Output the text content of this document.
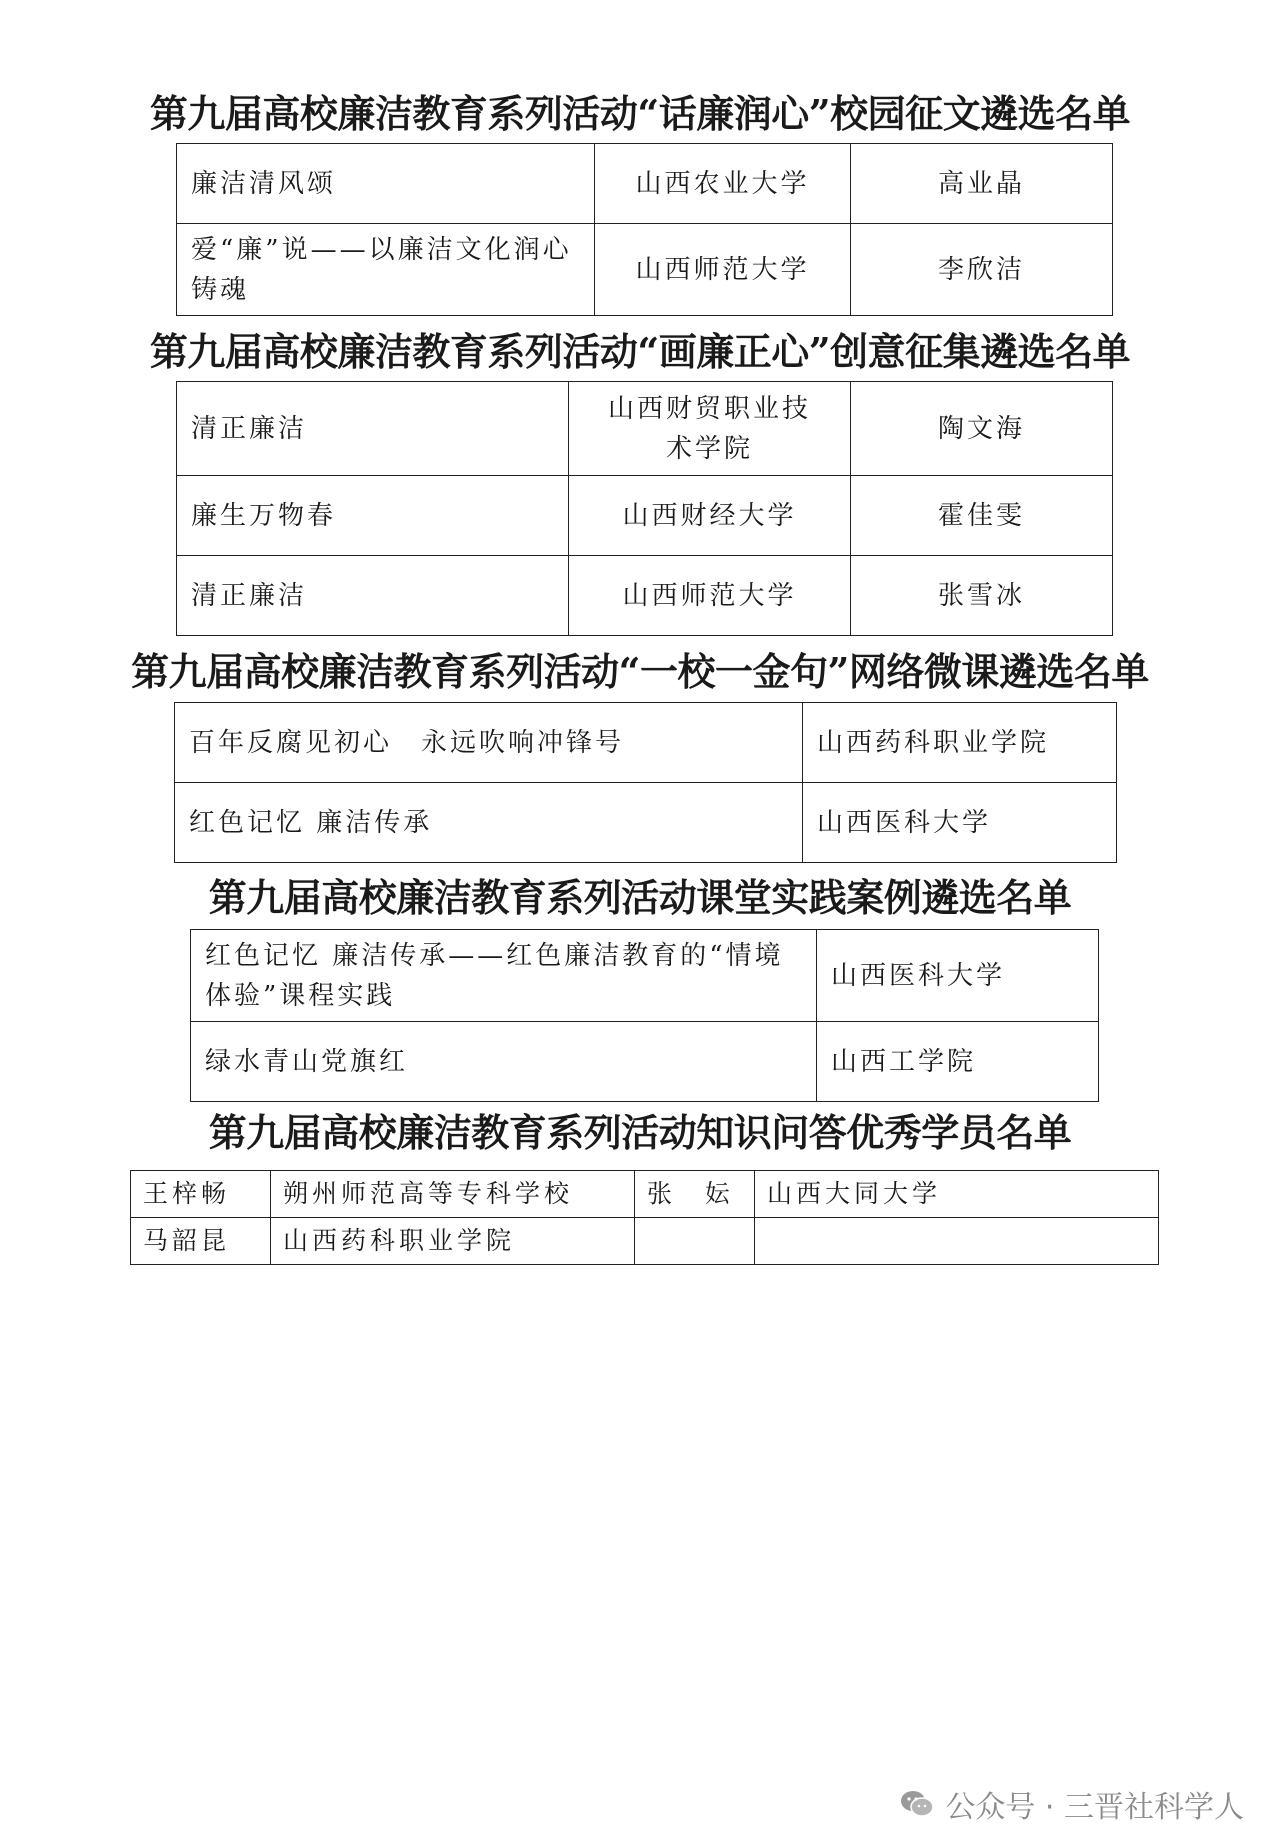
第九届高校廉洁教育系列活动“话廉润心”校园征文遴选名单
廉洁清风颂	山西农业大学	高业晶
爱“廉”说——以廉洁文化润心铸魂	山西师范大学	李欣洁
第九届高校廉洁教育系列活动“画廉正心”创意征集遴选名单
清正廉洁	山西财贸职业技术学院	陶文海
廉生万物春	山西财经大学	霍佳雯
清正廉洁	山西师范大学	张雪冰
第九届高校廉洁教育系列活动“一校一金句”网络微课遴选名单
百年反腐见初心　永远吹响冲锋号	山西药科职业学院
红色记忆 廉洁传承	山西医科大学
第九届高校廉洁教育系列活动课堂实践案例遴选名单
红色记忆 廉洁传承——红色廉洁教育的“情境体验”课程实践	山西医科大学
绿水青山党旗红	山西工学院
第九届高校廉洁教育系列活动知识问答优秀学员名单
王梓畅	朔州师范高等专科学校	张　妘	山西大同大学
马韶昆	山西药科职业学院		
公众号 · 三晋社科学人
